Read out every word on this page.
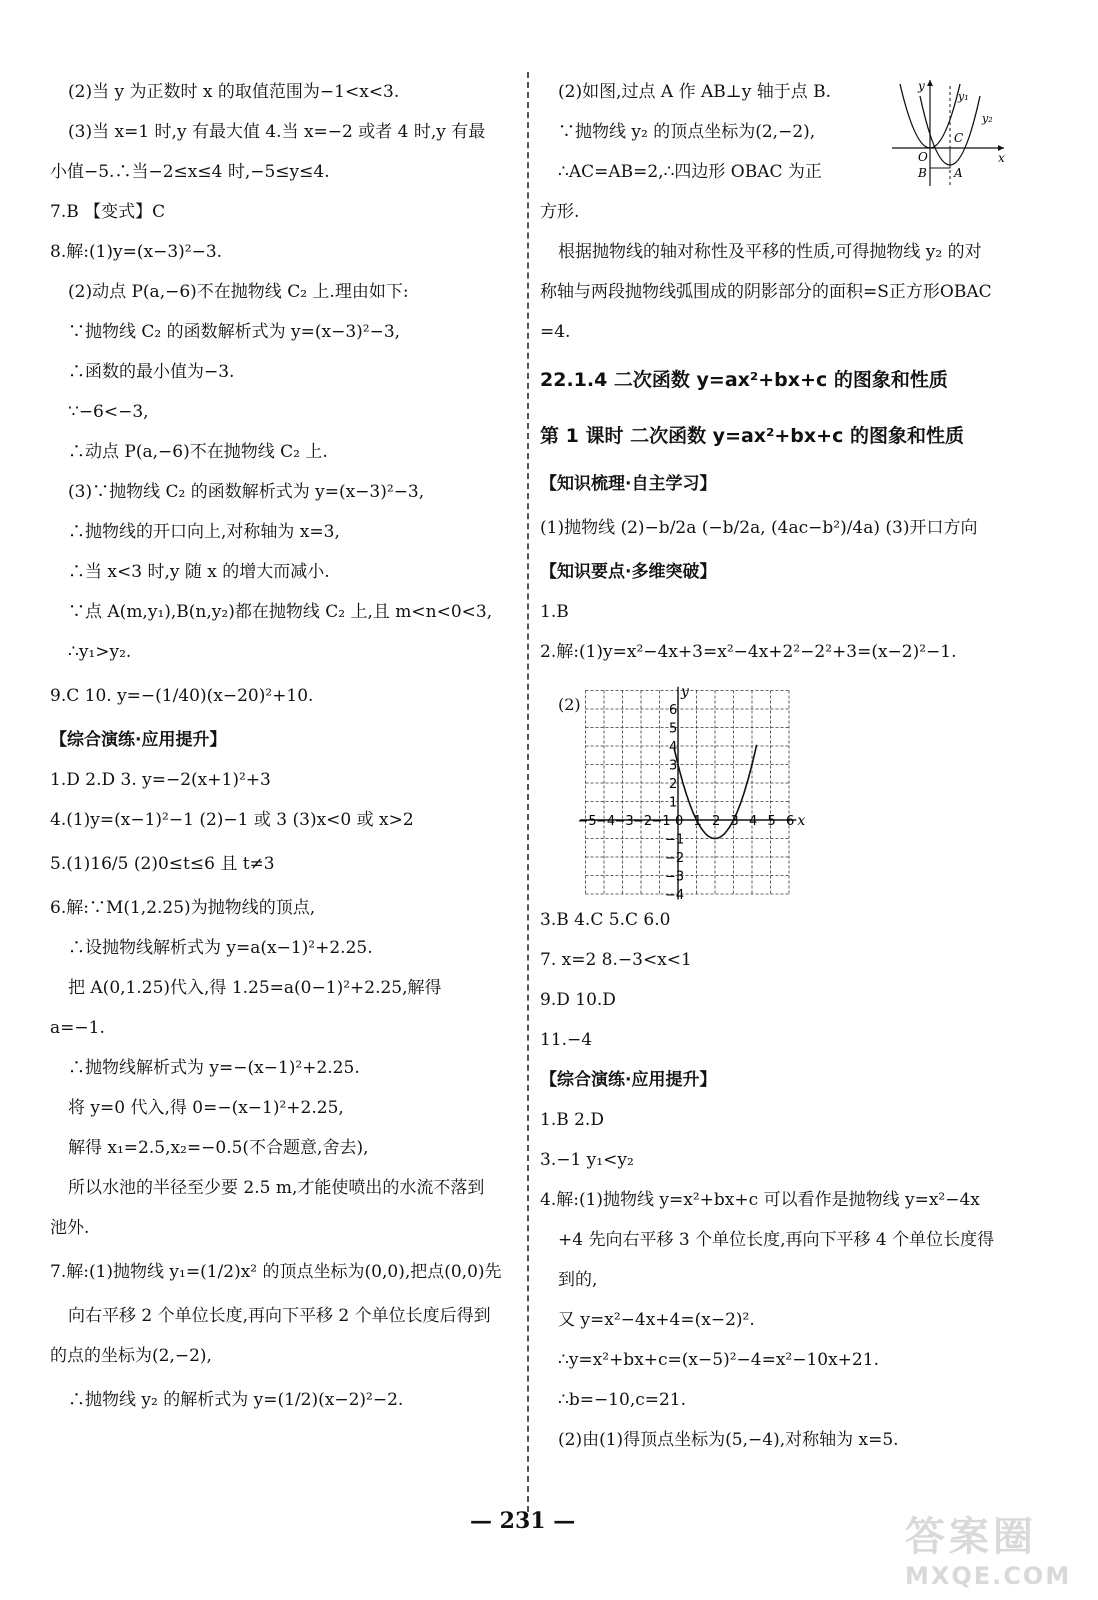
(2)当 y 为正数时 x 的取值范围为−1<x<3.
(3)当 x=1 时,y 有最大值 4.当 x=−2 或者 4 时,y 有最
小值−5.∴当−2≤x≤4 时,−5≤y≤4.
7.B 【变式】C
8.解:(1)y=(x−3)²−3.
(2)动点 P(a,−6)不在抛物线 C₂ 上.理由如下:
∵抛物线 C₂ 的函数解析式为 y=(x−3)²−3,
∴函数的最小值为−3.
∵−6<−3,
∴动点 P(a,−6)不在抛物线 C₂ 上.
(3)∵抛物线 C₂ 的函数解析式为 y=(x−3)²−3,
∴抛物线的开口向上,对称轴为 x=3,
∴当 x<3 时,y 随 x 的增大而减小.
∵点 A(m,y₁),B(n,y₂)都在抛物线 C₂ 上,且 m<n<0<3,
∴y₁>y₂.
9.C 10. y=−(1/40)(x−20)²+10.
【综合演练·应用提升】
1.D 2.D 3. y=−2(x+1)²+3
4.(1)y=(x−1)²−1 (2)−1 或 3 (3)x<0 或 x>2
5.(1)16/5 (2)0≤t≤6 且 t≠3
6.解:∵M(1,2.25)为抛物线的顶点,
∴设抛物线解析式为 y=a(x−1)²+2.25.
把 A(0,1.25)代入,得 1.25=a(0−1)²+2.25,解得
a=−1.
∴抛物线解析式为 y=−(x−1)²+2.25.
将 y=0 代入,得 0=−(x−1)²+2.25,
解得 x₁=2.5,x₂=−0.5(不合题意,舍去),
所以水池的半径至少要 2.5 m,才能使喷出的水流不落到
池外.
7.解:(1)抛物线 y₁=(1/2)x² 的顶点坐标为(0,0),把点(0,0)先
向右平移 2 个单位长度,再向下平移 2 个单位长度后得到
的点的坐标为(2,−2),
∴抛物线 y₂ 的解析式为 y=(1/2)(x−2)²−2.
(2)如图,过点 A 作 AB⊥y 轴于点 B.
∵抛物线 y₂ 的顶点坐标为(2,−2),
∴AC=AB=2,∴四边形 OBAC 为正
方形.
根据抛物线的轴对称性及平移的性质,可得抛物线 y₂ 的对
称轴与两段抛物线弧围成的阴影部分的面积=S正方形OBAC
=4.
22.1.4 二次函数 y=ax²+bx+c 的图象和性质
第 1 课时 二次函数 y=ax²+bx+c 的图象和性质
【知识梳理·自主学习】
(1)抛物线 (2)−b/2a (−b/2a, (4ac−b²)/4a) (3)开口方向
【知识要点·多维突破】
1.B
2.解:(1)y=x²−4x+3=x²−4x+2²−2²+3=(x−2)²−1.
3.B 4.C 5.C 6.0
7. x=2 8.−3<x<1
9.D 10.D
11.−4
【综合演练·应用提升】
1.B 2.D
3.−1 y₁<y₂
4.解:(1)抛物线 y=x²+bx+c 可以看作是抛物线 y=x²−4x
+4 先向右平移 3 个单位长度,再向下平移 4 个单位长度得
到的,
又 y=x²−4x+4=(x−2)².
∴y=x²+bx+c=(x−5)²−4=x²−10x+21.
∴b=−10,c=21.
(2)由(1)得顶点坐标为(5,−4),对称轴为 x=5.
y
x
y₁
y₂
O
B A
C
(2)
−5 −4 −3 −2 −1 0 1 2 3 4 5 6
6
5
4
3
2
1
−1
−2
−3
−4
x
y
— 231 —	答案圈
MXQE.COM
